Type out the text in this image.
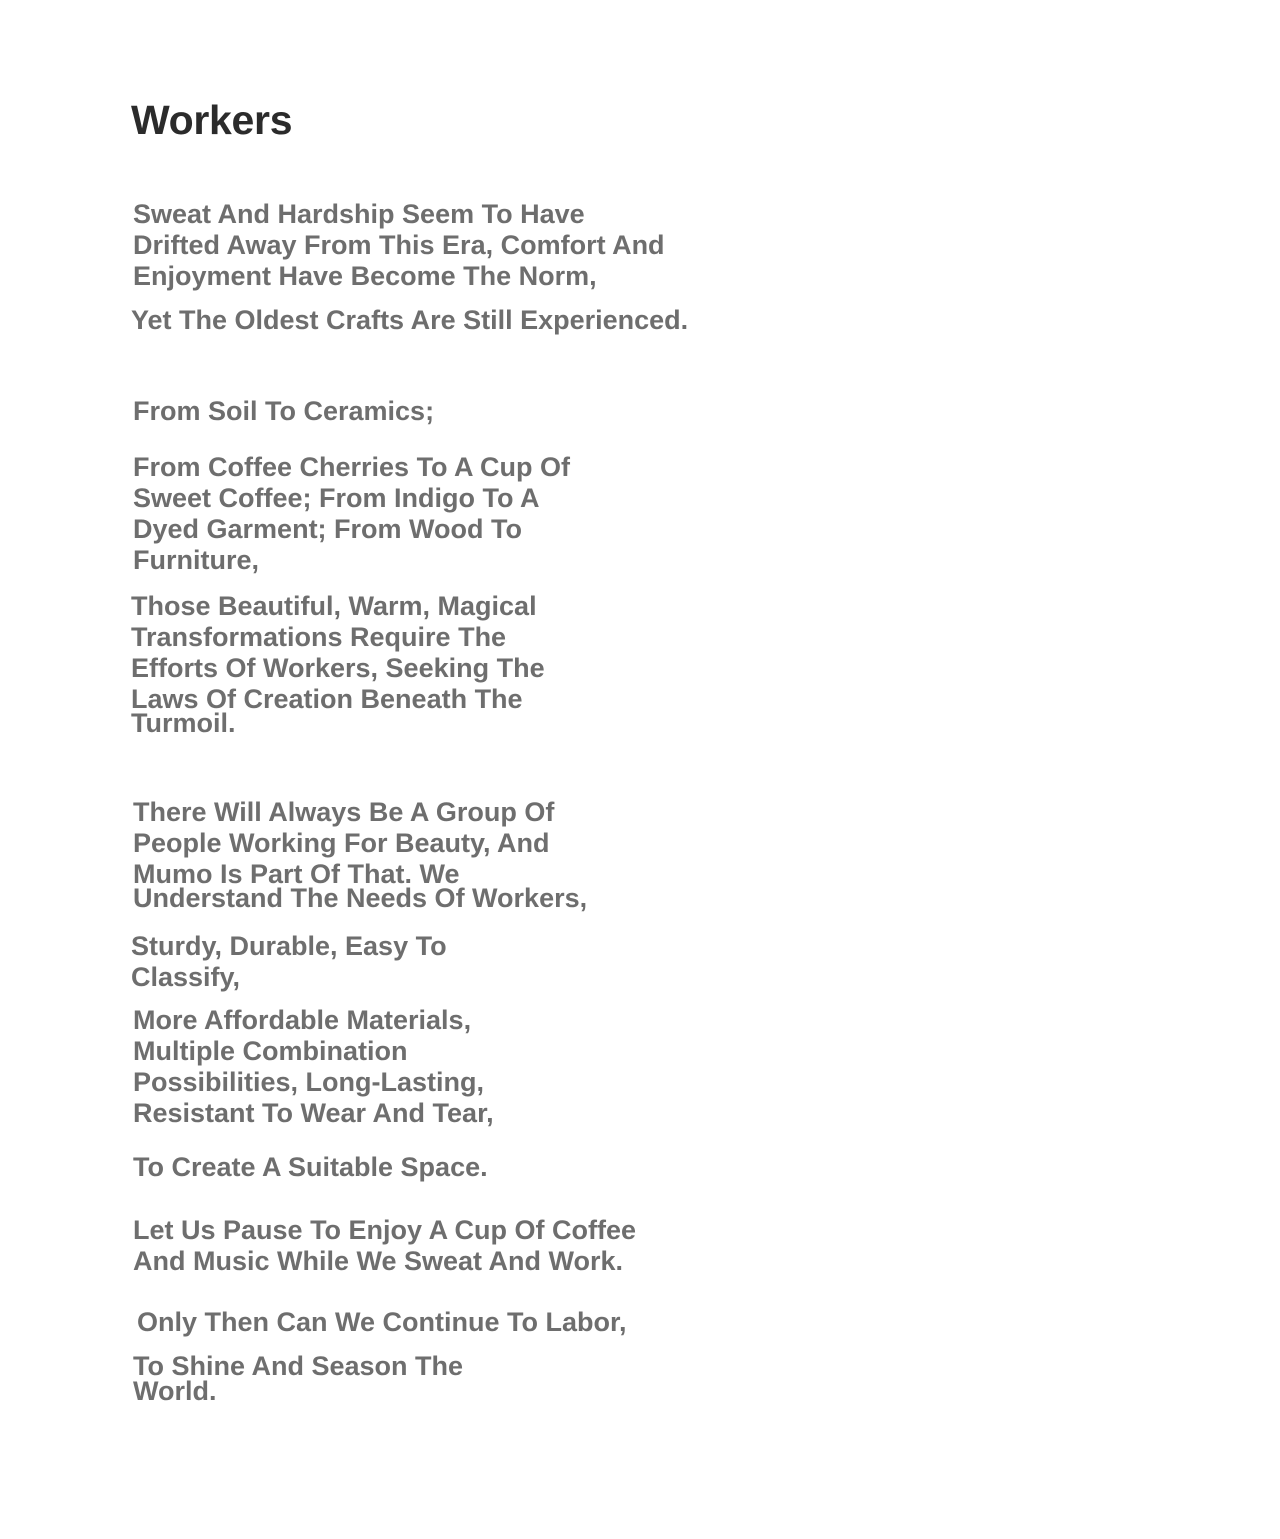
Workers

Sweat And Hardship Seem To Have
Drifted Away From This Era, Comfort And
Enjoyment Have Become The Norm,

Yet The Oldest Crafts Are Still Experienced.

From Soil To Ceramics;

From Coffee Cherries To A Cup Of
Sweet Coffee; From Indigo To A
Dyed Garment; From Wood To
Furniture,

Those Beautiful, Warm, Magical
Transformations Require The
Efforts Of Workers, Seeking The
Laws Of Creation Beneath The

Turmoil.

There Will Always Be A Group Of
People Working For Beauty, And
Mumo Is Part Of That. We

Understand The Needs Of Workers,

Sturdy, Durable, Easy To
Classify,

More Affordable Materials,
Multiple Combination
Possibilities, Long-Lasting,
Resistant To Wear And Tear,

To Create A Suitable Space.

Let Us Pause To Enjoy A Cup Of Coffee
And Music While We Sweat And Work.

Only Then Can We Continue To Labor,

To Shine And Season The

World.
